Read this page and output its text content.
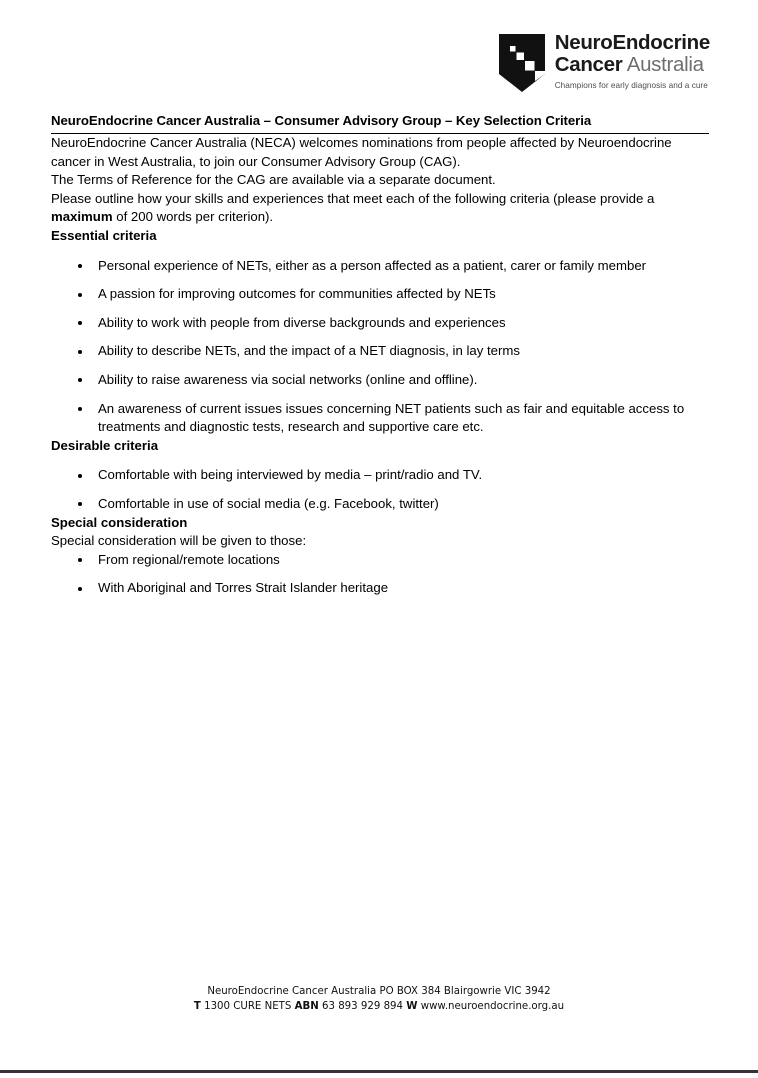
NeuroEndocrine
Cancer Australia
Champions for early diagnosis and a cure
NeuroEndocrine Cancer Australia – Consumer Advisory Group – Key Selection Criteria

NeuroEndocrine Cancer Australia (NECA) welcomes nominations from people affected by Neuroendocrine cancer in West Australia, to join our Consumer Advisory Group (CAG).

The Terms of Reference for the CAG are available via a separate document.

Please outline how your skills and experiences that meet each of the following criteria (please provide a maximum of 200 words per criterion).

Essential criteria
Personal experience of NETs, either as a person affected as a patient, carer or family member
A passion for improving outcomes for communities affected by NETs
Ability to work with people from diverse backgrounds and experiences
Ability to describe NETs, and the impact of a NET diagnosis, in lay terms
Ability to raise awareness via social networks (online and offline).
An awareness of current issues issues concerning NET patients such as fair and equitable access to treatments and diagnostic tests, research and supportive care etc.
Desirable criteria
Comfortable with being interviewed by media – print/radio and TV.
Comfortable in use of social media (e.g. Facebook, twitter)
Special consideration

Special consideration will be given to those:

From regional/remote locations
With Aboriginal and Torres Strait Islander heritage
NeuroEndocrine Cancer Australia PO BOX 384 Blairgowrie VIC 3942
T 1300 CURE NETS ABN 63 893 929 894 W www.neuroendocrine.org.au
